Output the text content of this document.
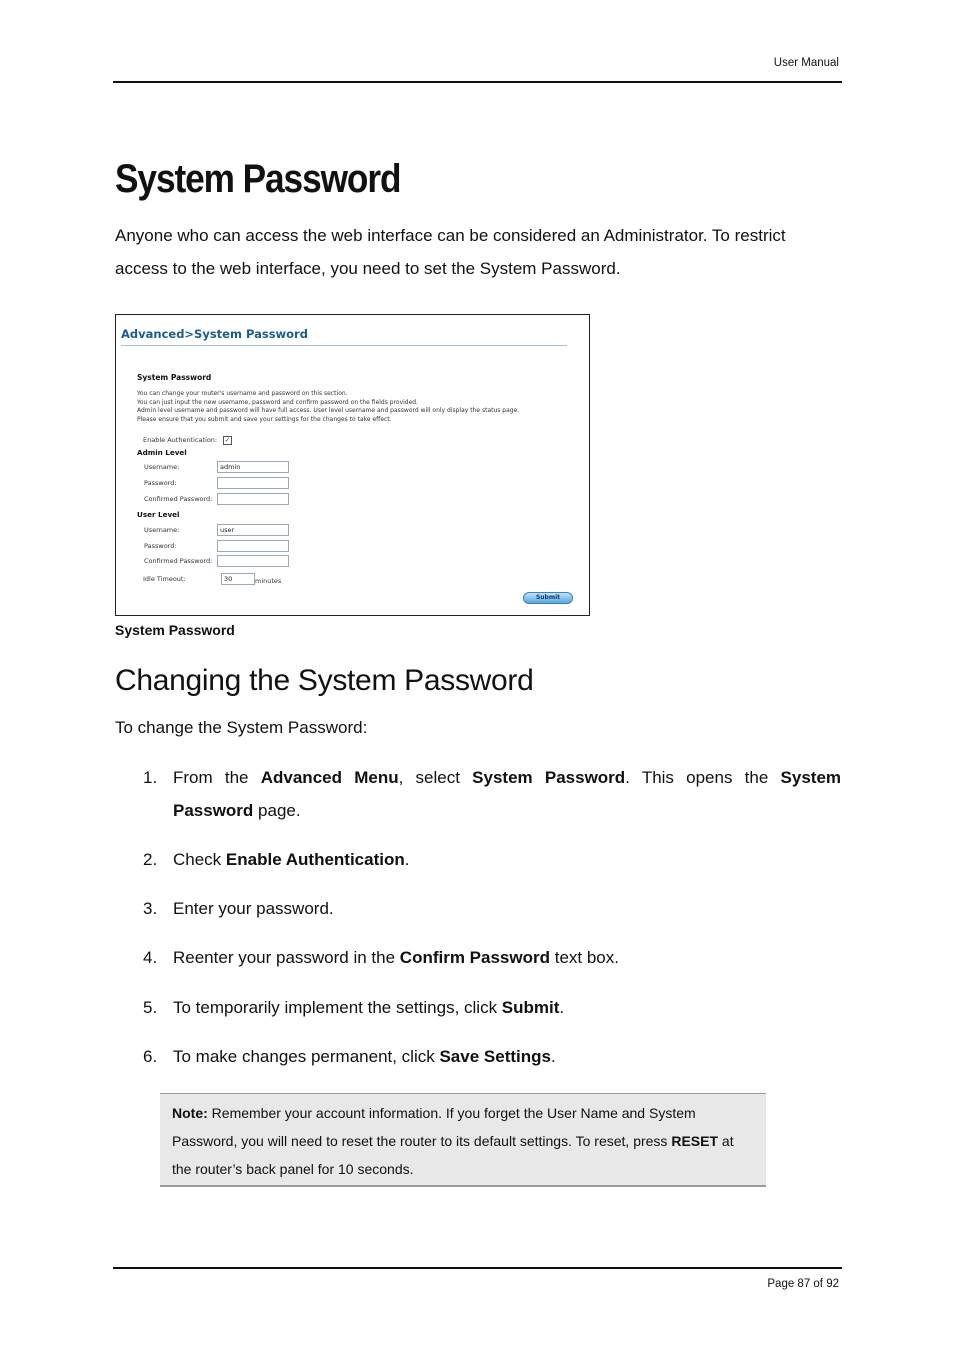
User Manual
System Password
Anyone who can access the web interface can be considered an Administrator. To restrict access to the web interface, you need to set the System Password.
Advanced>System Password
System Password
You can change your router's username and password on this section.
You can just input the new username, password and confirm password on the fields provided.
Admin level username and password will have full access. User level username and password will only display the status page.
Please ensure that you submit and save your settings for the changes to take effect.
Enable Authentication: ✓
Admin Level
Username:	admin
Password:
Confirmed Password:
User Level
Username:	user
Password:
Confirmed Password:
Idle Timeout:	30	minutes
Submit
System Password
Changing the System Password
To change the System Password:
1. From the Advanced Menu, select System Password. This opens the System Password page.
2. Check Enable Authentication.
3. Enter your password.
4. Reenter your password in the Confirm Password text box.
5. To temporarily implement the settings, click Submit.
6. To make changes permanent, click Save Settings.
Note: Remember your account information. If you forget the User Name and System Password, you will need to reset the router to its default settings. To reset, press RESET at the router’s back panel for 10 seconds.
Page 87 of 92
